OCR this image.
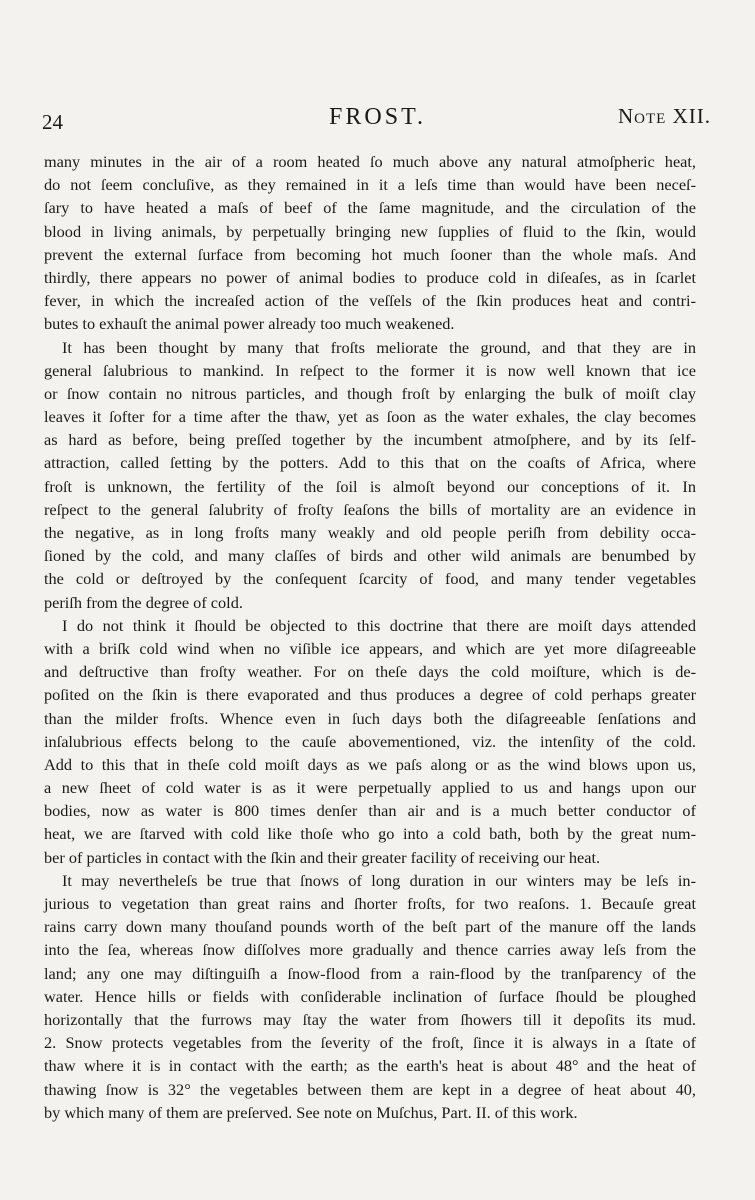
24	FROST.	Note XII.
many minutes in the air of a room heated ſo much above any natural atmoſpheric heat,
do not ſeem concluſive, as they remained in it a leſs time than would have been neceſ-
ſary to have heated a maſs of beef of the ſame magnitude, and the circulation of the
blood in living animals, by perpetually bringing new ſupplies of fluid to the ſkin, would
prevent the external ſurface from becoming hot much ſooner than the whole maſs. And
thirdly, there appears no power of animal bodies to produce cold in diſeaſes, as in ſcarlet
fever, in which the increaſed action of the veſſels of the ſkin produces heat and contri-
butes to exhauſt the animal power already too much weakened.
It has been thought by many that froſts meliorate the ground, and that they are in
general ſalubrious to mankind. In reſpect to the former it is now well known that ice
or ſnow contain no nitrous particles, and though froſt by enlarging the bulk of moiſt clay
leaves it ſofter for a time after the thaw, yet as ſoon as the water exhales, the clay becomes
as hard as before, being preſſed together by the incumbent atmoſphere, and by its ſelf-
attraction, called ſetting by the potters. Add to this that on the coaſts of Africa, where
froſt is unknown, the fertility of the ſoil is almoſt beyond our conceptions of it. In
reſpect to the general ſalubrity of froſty ſeaſons the bills of mortality are an evidence in
the negative, as in long froſts many weakly and old people periſh from debility occa-
ſioned by the cold, and many claſſes of birds and other wild animals are benumbed by
the cold or deſtroyed by the conſequent ſcarcity of food, and many tender vegetables
periſh from the degree of cold.
I do not think it ſhould be objected to this doctrine that there are moiſt days attended
with a briſk cold wind when no viſible ice appears, and which are yet more diſagreeable
and deſtructive than froſty weather. For on theſe days the cold moiſture, which is de-
poſited on the ſkin is there evaporated and thus produces a degree of cold perhaps greater
than the milder froſts. Whence even in ſuch days both the diſagreeable ſenſations and
inſalubrious effects belong to the cauſe abovementioned, viz. the intenſity of the cold.
Add to this that in theſe cold moiſt days as we paſs along or as the wind blows upon us,
a new ſheet of cold water is as it were perpetually applied to us and hangs upon our
bodies, now as water is 800 times denſer than air and is a much better conductor of
heat, we are ſtarved with cold like thoſe who go into a cold bath, both by the great num-
ber of particles in contact with the ſkin and their greater facility of receiving our heat.
It may nevertheleſs be true that ſnows of long duration in our winters may be leſs in-
jurious to vegetation than great rains and ſhorter froſts, for two reaſons. 1. Becauſe great
rains carry down many thouſand pounds worth of the beſt part of the manure off the lands
into the ſea, whereas ſnow diſſolves more gradually and thence carries away leſs from the
land; any one may diſtinguiſh a ſnow-flood from a rain-flood by the tranſparency of the
water. Hence hills or fields with conſiderable inclination of ſurface ſhould be ploughed
horizontally that the furrows may ſtay the water from ſhowers till it depoſits its mud.
2. Snow protects vegetables from the ſeverity of the froſt, ſince it is always in a ſtate of
thaw where it is in contact with the earth; as the earth's heat is about 48° and the heat of
thawing ſnow is 32° the vegetables between them are kept in a degree of heat about 40,
by which many of them are preſerved. See note on Muſchus, Part. II. of this work.
